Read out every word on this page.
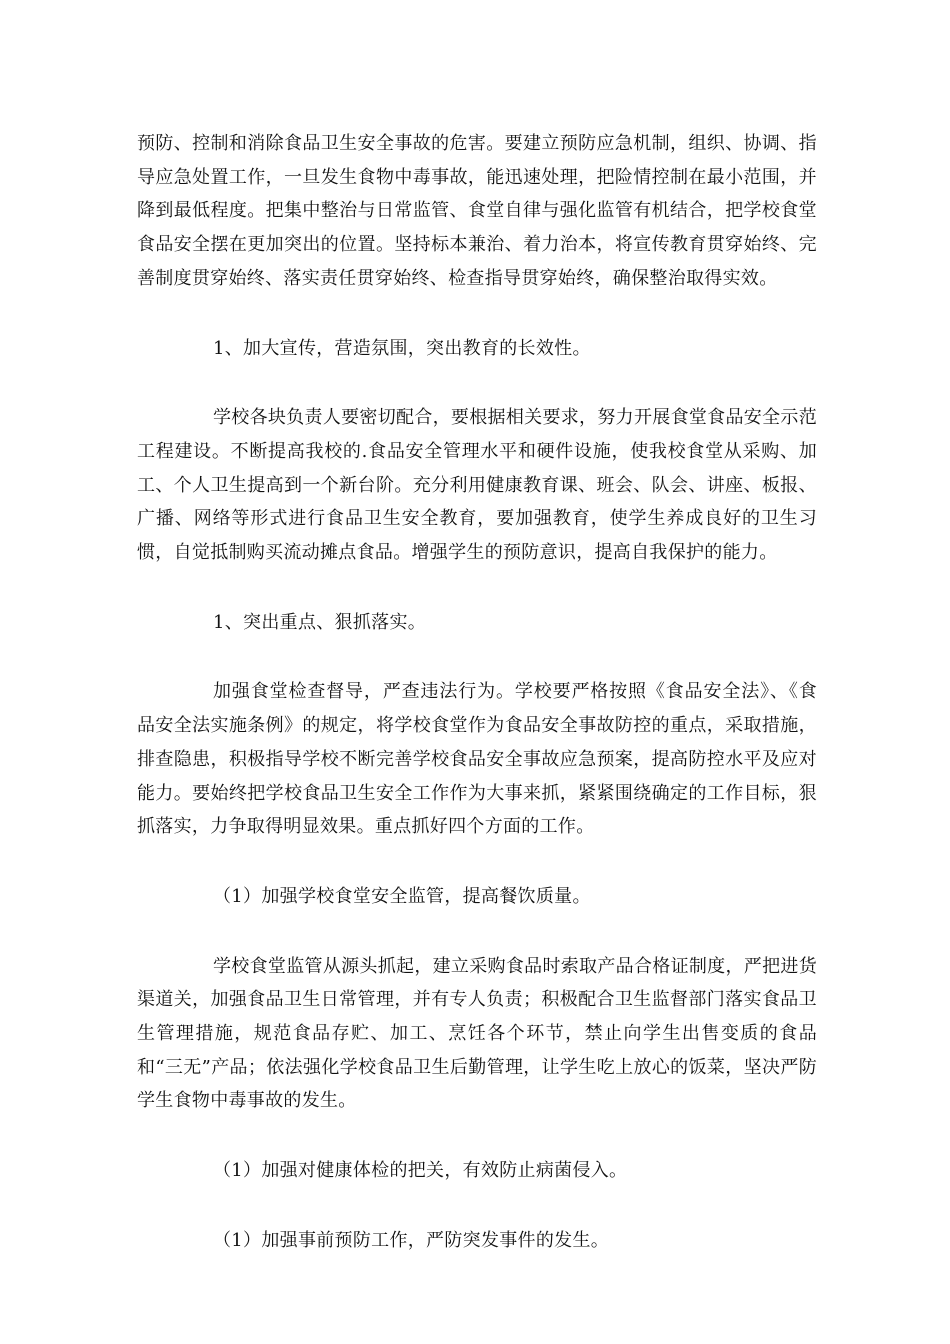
预防、控制和消除食品卫生安全事故的危害。要建立预防应急机制，组织、协调、指导应急处置工作，一旦发生食物中毒事故，能迅速处理，把险情控制在最小范围，并降到最低程度。把集中整治与日常监管、食堂自律与强化监管有机结合，把学校食堂食品安全摆在更加突出的位置。坚持标本兼治、着力治本，将宣传教育贯穿始终、完善制度贯穿始终、落实责任贯穿始终、检查指导贯穿始终，确保整治取得实效。

1、加大宣传，营造氛围，突出教育的长效性。

学校各块负责人要密切配合，要根据相关要求，努力开展食堂食品安全示范工程建设。不断提高我校的.食品安全管理水平和硬件设施，使我校食堂从采购、加工、个人卫生提高到一个新台阶。充分利用健康教育课、班会、队会、讲座、板报、广播、网络等形式进行食品卫生安全教育，要加强教育，使学生养成良好的卫生习惯，自觉抵制购买流动摊点食品。增强学生的预防意识，提高自我保护的能力。

1、突出重点、狠抓落实。

加强食堂检查督导，严查违法行为。学校要严格按照《食品安全法》、《食品安全法实施条例》的规定，将学校食堂作为食品安全事故防控的重点，采取措施，排查隐患，积极指导学校不断完善学校食品安全事故应急预案，提高防控水平及应对能力。要始终把学校食品卫生安全工作作为大事来抓，紧紧围绕确定的工作目标，狠抓落实，力争取得明显效果。重点抓好四个方面的工作。

（1）加强学校食堂安全监管，提高餐饮质量。

学校食堂监管从源头抓起，建立采购食品时索取产品合格证制度，严把进货渠道关，加强食品卫生日常管理，并有专人负责；积极配合卫生监督部门落实食品卫生管理措施，规范食品存贮、加工、烹饪各个环节，禁止向学生出售变质的食品和“三无”产品；依法强化学校食品卫生后勤管理，让学生吃上放心的饭菜，坚决严防学生食物中毒事故的发生。

（1）加强对健康体检的把关，有效防止病菌侵入。

（1）加强事前预防工作，严防突发事件的发生。
